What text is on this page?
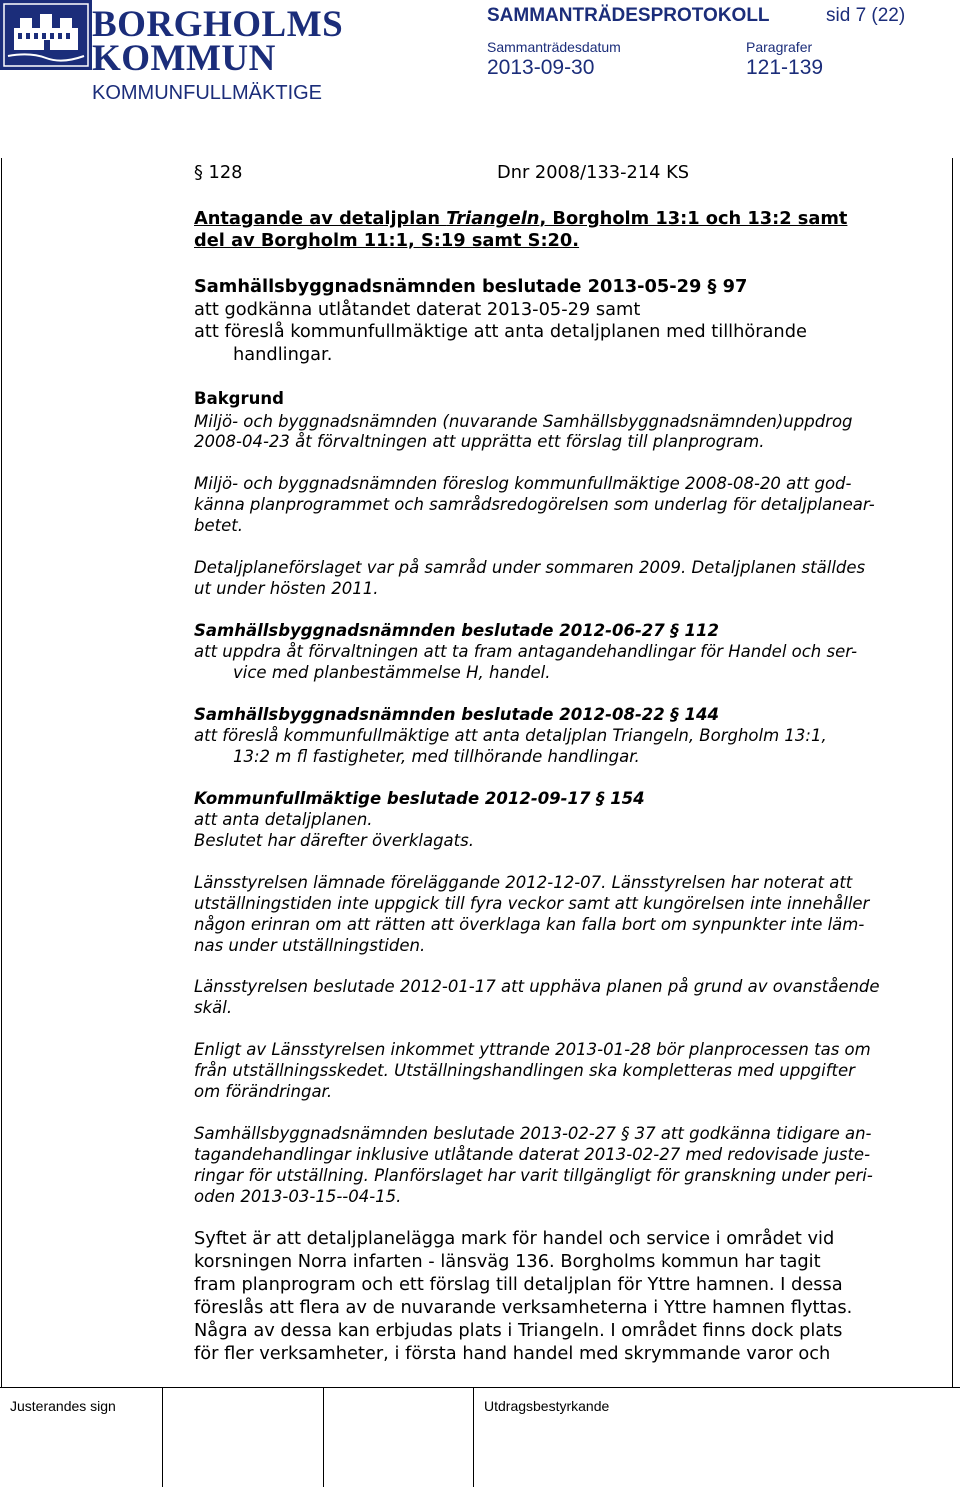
BORGHOLMS
KOMMUN
KOMMUNFULLMÄKTIGE
SAMMANTRÄDESPROTOKOLL	sid 7 (22)
Sammanträdesdatum	Paragrafer
2013-09-30	121-139
§ 128	Dnr 2008/133-214 KS
Antagande av detaljplan Triangeln, Borgholm 13:1 och 13:2 samt
del av Borgholm 11:1, S:19 samt S:20.
Samhällsbyggnadsnämnden beslutade 2013-05-29 § 97
att godkänna utlåtandet daterat 2013-05-29 samt
att föreslå kommunfullmäktige att anta detaljplanen med tillhörande
handlingar.
Bakgrund
Miljö- och byggnadsnämnden (nuvarande Samhällsbyggnadsnämnden)uppdrog
2008-04-23 åt förvaltningen att upprätta ett förslag till planprogram.
Miljö- och byggnadsnämnden föreslog kommunfullmäktige 2008-08-20 att god-
känna planprogrammet och samrådsredogörelsen som underlag för detaljplanear-
betet.
Detaljplaneförslaget var på samråd under sommaren 2009. Detaljplanen ställdes
ut under hösten 2011.
Samhällsbyggnadsnämnden beslutade 2012-06-27 § 112
att uppdra åt förvaltningen att ta fram antagandehandlingar för Handel och ser-
vice med planbestämmelse H, handel.
Samhällsbyggnadsnämnden beslutade 2012-08-22 § 144
att föreslå kommunfullmäktige att anta detaljplan Triangeln, Borgholm 13:1,
13:2 m fl fastigheter, med tillhörande handlingar.
Kommunfullmäktige beslutade 2012-09-17 § 154
att anta detaljplanen.
Beslutet har därefter överklagats.
Länsstyrelsen lämnade föreläggande 2012-12-07. Länsstyrelsen har noterat att
utställningstiden inte uppgick till fyra veckor samt att kungörelsen inte innehåller
någon erinran om att rätten att överklaga kan falla bort om synpunkter inte läm-
nas under utställningstiden.
Länsstyrelsen beslutade 2012-01-17 att upphäva planen på grund av ovanstående
skäl.
Enligt av Länsstyrelsen inkommet yttrande 2013-01-28 bör planprocessen tas om
från utställningsskedet. Utställningshandlingen ska kompletteras med uppgifter
om förändringar.
Samhällsbyggnadsnämnden beslutade 2013-02-27 § 37 att godkänna tidigare an-
tagandehandlingar inklusive utlåtande daterat 2013-02-27 med redovisade juste-
ringar för utställning. Planförslaget har varit tillgängligt för granskning under peri-
oden 2013-03-15--04-15.
Syftet är att detaljplanelägga mark för handel och service i området vid
korsningen Norra infarten - länsväg 136. Borgholms kommun har tagit
fram planprogram och ett förslag till detaljplan för Yttre hamnen. I dessa
föreslås att flera av de nuvarande verksamheterna i Yttre hamnen flyttas.
Några av dessa kan erbjudas plats i Triangeln. I området finns dock plats
för fler verksamheter, i första hand handel med skrymmande varor och
Justerandes sign	Utdragsbestyrkande
